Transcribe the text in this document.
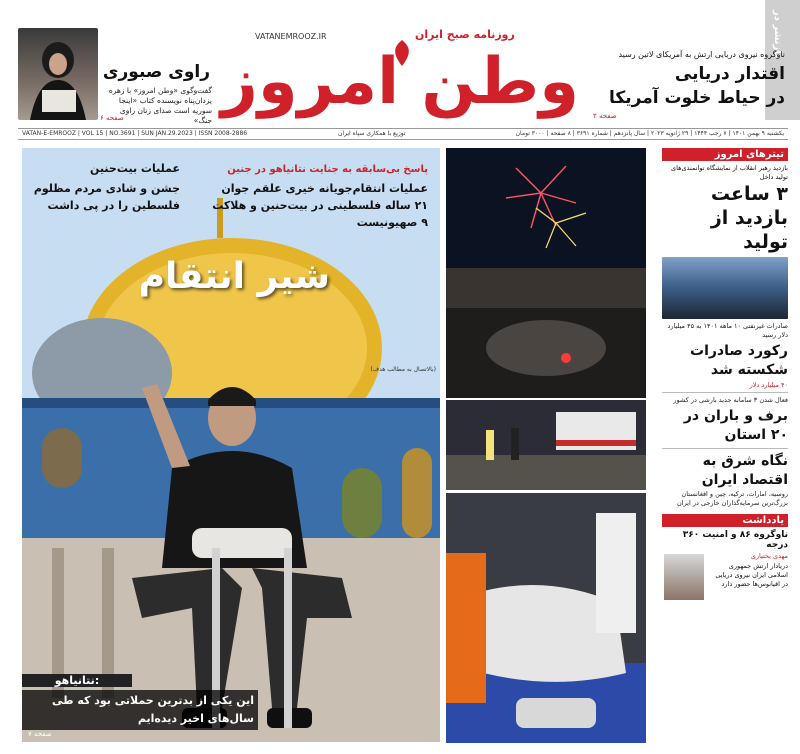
بازنشر در
راوی صبوری
گفت‌وگوی «وطن امروز» با زهره یزدان‌پناه نویسنده کتاب «اینجا سوریه است صدای زنان راوی جنگ»
صفحه ۶
VATANEMROOZ.IR	روزنامه صبح ایران
وطن امروز	ناوگروه نیروی دریایی ارتش به آمریکای لاتین رسید
اقتدار دریایی
در حیاط خلوت آمریکا
صفحه ۲
VATAN-E-EMROOZ | VOL 15 | NO.3691 | SUN JAN.29.2023 | ISSN 2008-2886	توزیع با همکاری سپاه ایران	یکشنبه ۹ بهمن ۱۴۰۱ | ۷ رجب ۱۴۴۴ | ۲۹ ژانویه ۲۰۲۳ | سال پانزدهم | شماره ۳۶۹۱ | ۸ صفحه | ۳۰۰۰ تومان
پاسخ بی‌سابقه به جنایت نتانیاهو در جنین
عملیات انتقام‌جویانه خیری علقم جوان ۲۱ ساله فلسطینی در بیت‌حنین و هلاکت ۹ صهیونیست
شیر انتقام
عملیات بیت‌حنین
جشن و شادی مردم مظلوم فلسطین را در پی داشت
(بالاتصال به مطالب هدف)
نتانیاهو:
این یکی از بدترین حملاتی بود که طی سال‌های اخیر دیده‌ایم
صفحه ۷
تیترهای امروز
بازدید رهبر انقلاب از نمایشگاه توانمندی‌های تولید داخل
۳ ساعت بازدید از تولید
صادرات غیرنفتی ۱۰ ماهه ۱۴۰۱ به ۴۵ میلیارد دلار رسید
رکورد صادرات شکسته شد
۴۰ میلیارد دلار
فعال شدن ۳ سامانه جدید بارشی در کشور
برف و باران در ۲۰ استان
نگاه شرق به اقتصاد ایران
روسیه، امارات، ترکیه، چین و افغانستان بزرگ‌ترین سرمایه‌گذاران خارجی در ایران
یادداشت
ناوگروه ۸۶ و امنیت ۳۶۰ درجه
مهدی بختیاری
دریادار ارتش جمهوری اسلامی ایران نیروی دریایی در اقیانوس‌ها حضور دارد
